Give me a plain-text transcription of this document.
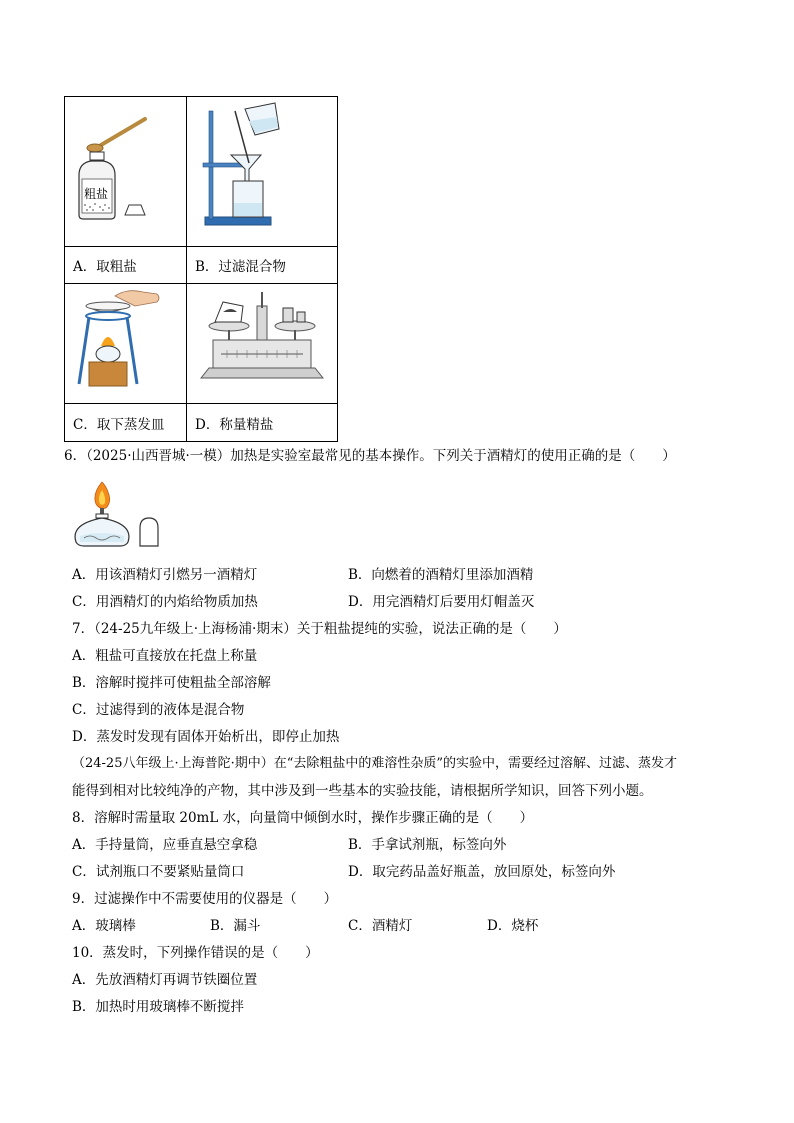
粗盐
A．取粗盐	B．过滤混合物
C．取下蒸发皿 D．称量精盐
6．（2025·山西晋城·一模）加热是实验室最常见的基本操作。下列关于酒精灯的使用正确的是（　　）
A．用该酒精灯引燃另一酒精灯	B．向燃着的酒精灯里添加酒精
C．用酒精灯的内焰给物质加热	D．用完酒精灯后要用灯帽盖灭
7．（24-25九年级上·上海杨浦·期末）关于粗盐提纯的实验，说法正确的是（　　）
A．粗盐可直接放在托盘上称量
B．溶解时搅拌可使粗盐全部溶解
C．过滤得到的液体是混合物
D．蒸发时发现有固体开始析出，即停止加热
（24-25八年级上·上海普陀·期中）在“去除粗盐中的难溶性杂质”的实验中，需要经过溶解、过滤、蒸发才
能得到相对比较纯净的产物，其中涉及到一些基本的实验技能，请根据所学知识，回答下列小题。
8．溶解时需量取 20mL 水，向量筒中倾倒水时，操作步骤正确的是（　　）
A．手持量筒，应垂直悬空拿稳	B．手拿试剂瓶，标签向外
C．试剂瓶口不要紧贴量筒口	D．取完药品盖好瓶盖，放回原处，标签向外
9．过滤操作中不需要使用的仪器是（　　）
A．玻璃棒	B．漏斗	C．酒精灯	D．烧杯
10．蒸发时，下列操作错误的是（　　）
A．先放酒精灯再调节铁圈位置
B．加热时用玻璃棒不断搅拌
